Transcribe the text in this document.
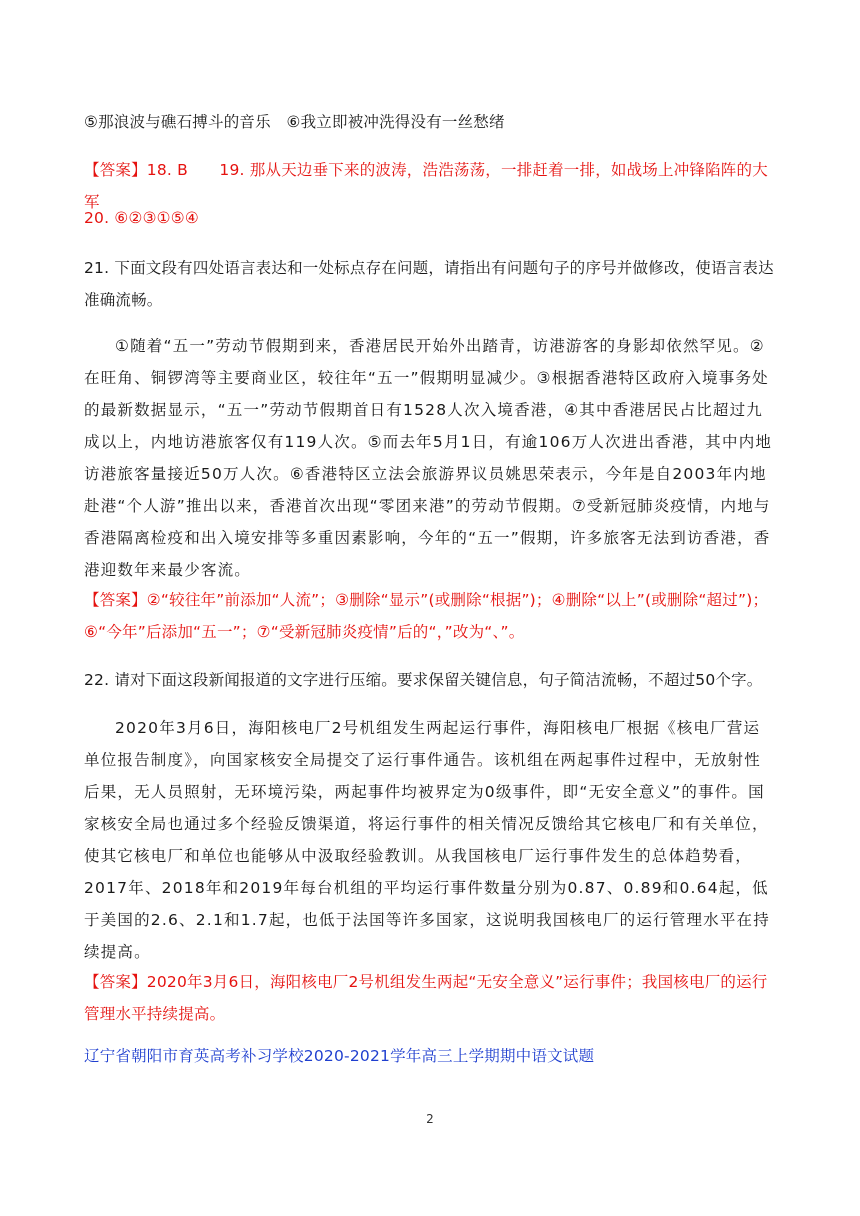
⑤那浪波与礁石搏斗的音乐　⑥我立即被冲洗得没有一丝愁绪

【答案】18. B　　19. 那从天边垂下来的波涛，浩浩荡荡，一排赶着一排，如战场上冲锋陷阵的大军

20. ⑥②③①⑤④

21. 下面文段有四处语言表达和一处标点存在问题，请指出有问题句子的序号并做修改，使语言表达准确流畅。

①随着“五一”劳动节假期到来，香港居民开始外出踏青，访港游客的身影却依然罕见。②在旺角、铜锣湾等主要商业区，较往年“五一”假期明显减少。③根据香港特区政府入境事务处的最新数据显示，“五一”劳动节假期首日有1528人次入境香港，④其中香港居民占比超过九成以上，内地访港旅客仅有119人次。⑤而去年5月1日，有逾106万人次进出香港，其中内地访港旅客量接近50万人次。⑥香港特区立法会旅游界议员姚思荣表示，今年是自2003年内地赴港“个人游”推出以来，香港首次出现“零团来港”的劳动节假期。⑦受新冠肺炎疫情，内地与香港隔离检疫和出入境安排等多重因素影响，今年的“五一”假期，许多旅客无法到访香港，香港迎数年来最少客流。

【答案】②“较往年”前添加“人流”；③删除“显示”(或删除“根据”)；④删除“以上”(或删除“超过”)；⑥“今年”后添加“五一”；⑦“受新冠肺炎疫情”后的“，”改为“、”。

22. 请对下面这段新闻报道的文字进行压缩。要求保留关键信息，句子简洁流畅，不超过50个字。

2020年3月6日，海阳核电厂2号机组发生两起运行事件，海阳核电厂根据《核电厂营运单位报告制度》，向国家核安全局提交了运行事件通告。该机组在两起事件过程中，无放射性后果，无人员照射，无环境污染，两起事件均被界定为0级事件，即“无安全意义”的事件。国家核安全局也通过多个经验反馈渠道，将运行事件的相关情况反馈给其它核电厂和有关单位，使其它核电厂和单位也能够从中汲取经验教训。从我国核电厂运行事件发生的总体趋势看，2017年、2018年和2019年每台机组的平均运行事件数量分别为0.87、0.89和0.64起，低于美国的2.6、2.1和1.7起，也低于法国等许多国家，这说明我国核电厂的运行管理水平在持续提高。

【答案】2020年3月6日，海阳核电厂2号机组发生两起“无安全意义”运行事件；我国核电厂的运行管理水平持续提高。

辽宁省朝阳市育英高考补习学校2020-2021学年高三上学期期中语文试题

2
